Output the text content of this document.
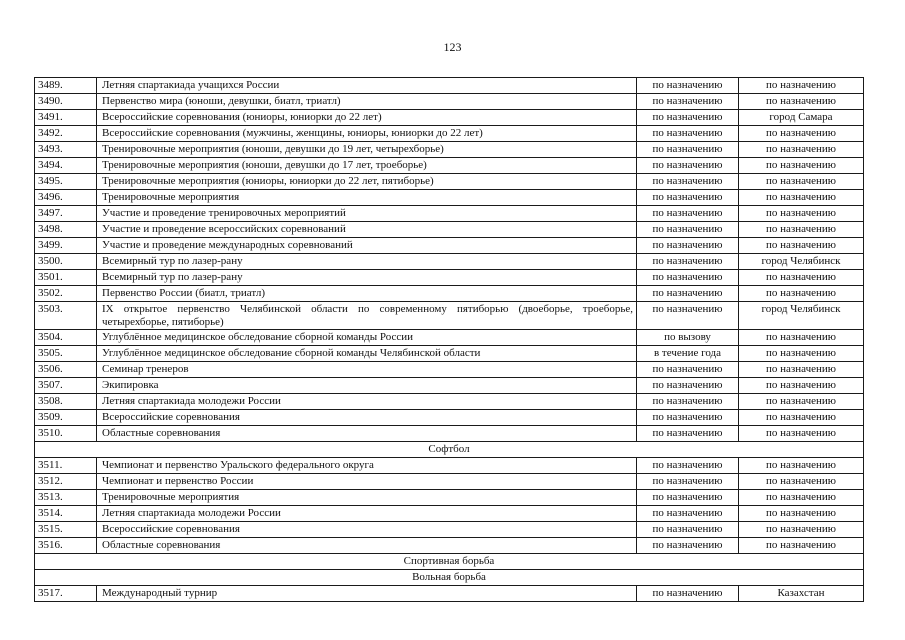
123
3489.	Летняя спартакиада учащихся России	по назначению	по назначению
3490.	Первенство мира (юноши, девушки, биатл, триатл)	по назначению	по назначению
3491.	Всероссийские соревнования (юниоры, юниорки до 22 лет)	по назначению	город Самара
3492.	Всероссийские соревнования (мужчины, женщины, юниоры, юниорки до 22 лет)	по назначению	по назначению
3493.	Тренировочные мероприятия (юноши, девушки до 19 лет, четырехборье)	по назначению	по назначению
3494.	Тренировочные мероприятия (юноши, девушки до 17 лет, троеборье)	по назначению	по назначению
3495.	Тренировочные мероприятия (юниоры, юниорки до 22 лет, пятиборье)	по назначению	по назначению
3496.	Тренировочные мероприятия	по назначению	по назначению
3497.	Участие и проведение тренировочных мероприятий	по назначению	по назначению
3498.	Участие и проведение всероссийских соревнований	по назначению	по назначению
3499.	Участие и проведение международных соревнований	по назначению	по назначению
3500.	Всемирный тур по лазер-рану	по назначению	город Челябинск
3501.	Всемирный тур по лазер-рану	по назначению	по назначению
3502.	Первенство России (биатл, триатл)	по назначению	по назначению
3503.	IX открытое первенство Челябинской области по современному пятиборью (двоеборье, троеборье, четырехборье, пятиборье)	по назначению	город Челябинск
3504.	Углублённое медицинское обследование сборной команды России	по вызову	по назначению
3505.	Углублённое медицинское обследование сборной команды Челябинской области	в течение года	по назначению
3506.	Семинар тренеров	по назначению	по назначению
3507.	Экипировка	по назначению	по назначению
3508.	Летняя спартакиада молодежи России	по назначению	по назначению
3509.	Всероссийские соревнования	по назначению	по назначению
3510.	Областные соревнования	по назначению	по назначению
Софтбол			
3511.	Чемпионат и первенство Уральского федерального округа	по назначению	по назначению
3512.	Чемпионат и первенство России	по назначению	по назначению
3513.	Тренировочные мероприятия	по назначению	по назначению
3514.	Летняя спартакиада молодежи России	по назначению	по назначению
3515.	Всероссийские соревнования	по назначению	по назначению
3516.	Областные соревнования	по назначению	по назначению
Спортивная борьба			
Вольная борьба			
3517.	Международный турнир	по назначению	Казахстан
